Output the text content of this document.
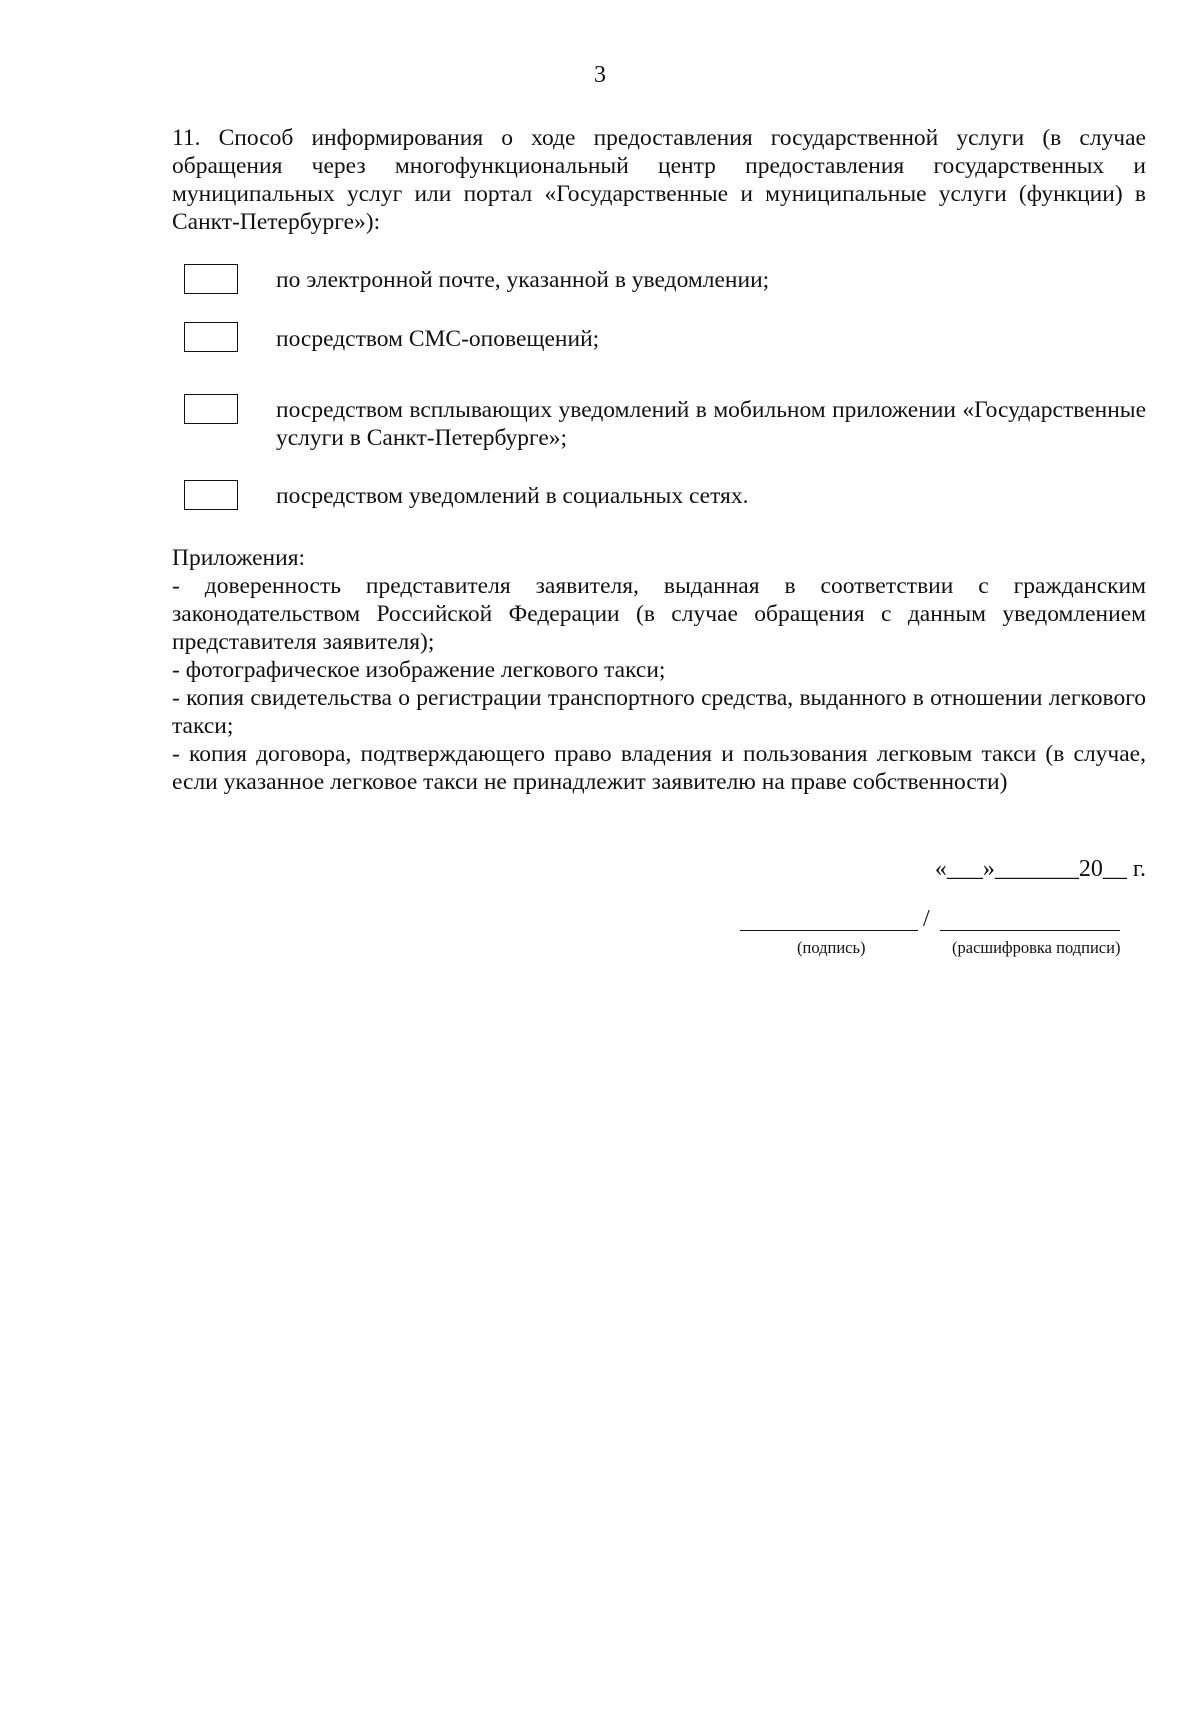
3
11. Способ информирования о ходе предоставления государственной услуги (в случае обращения через многофункциональный центр предоставления государственных и муниципальных услуг или портал «Государственные и муниципальные услуги (функции) в Санкт-Петербурге»):
по электронной почте, указанной в уведомлении;
посредством СМС-оповещений;
посредством всплывающих уведомлений в мобильном приложении «Государственные услуги в Санкт-Петербурге»;
посредством уведомлений в социальных сетях.
Приложения:
- доверенность представителя заявителя, выданная в соответствии с гражданским законодательством Российской Федерации (в случае обращения с данным уведомлением представителя заявителя);
- фотографическое изображение легкового такси;
- копия свидетельства о регистрации транспортного средства, выданного в отношении легкового такси;
- копия договора, подтверждающего право владения и пользования легковым такси (в случае, если указанное легковое такси не принадлежит заявителю на праве собственности)
«___»_______20__ г.
/
(подпись)	(расшифровка подписи)
